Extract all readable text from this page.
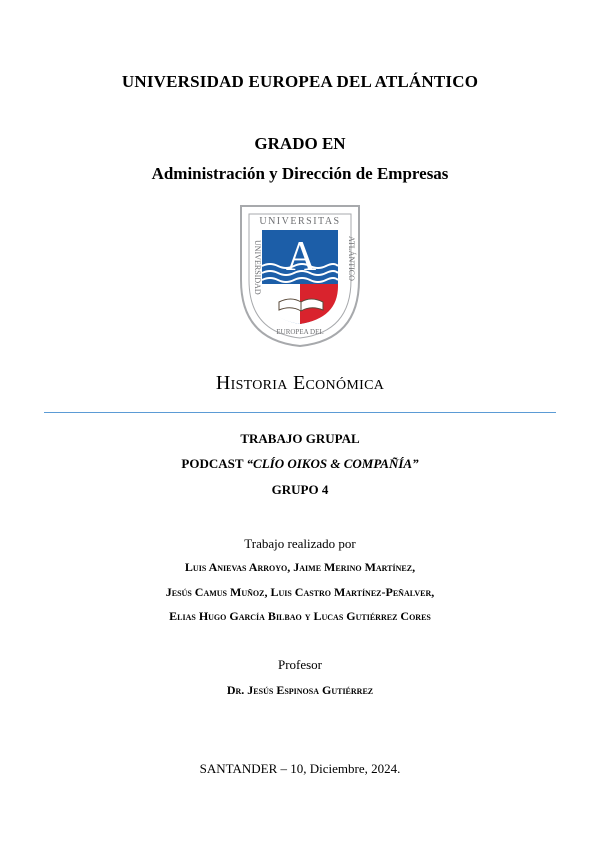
UNIVERSIDAD EUROPEA DEL ATLÁNTICO
GRADO EN
Administración y Dirección de Empresas
UNIVERSITAS
A
UNIVERSIDAD	ATLÁNTICO
EUROPEA DEL
Historia Económica
TRABAJO GRUPAL
PODCAST “CLÍO OIKOS & COMPAÑÍA”
GRUPO 4
Trabajo realizado por
Luis Anievas Arroyo, Jaime Merino Martínez,
Jesús Camus Muñoz, Luis Castro Martínez-Peñalver,
Elias Hugo García Bilbao y Lucas Gutiérrez Cores
Profesor
Dr. Jesús Espinosa Gutiérrez
SANTANDER – 10, Diciembre, 2024.
